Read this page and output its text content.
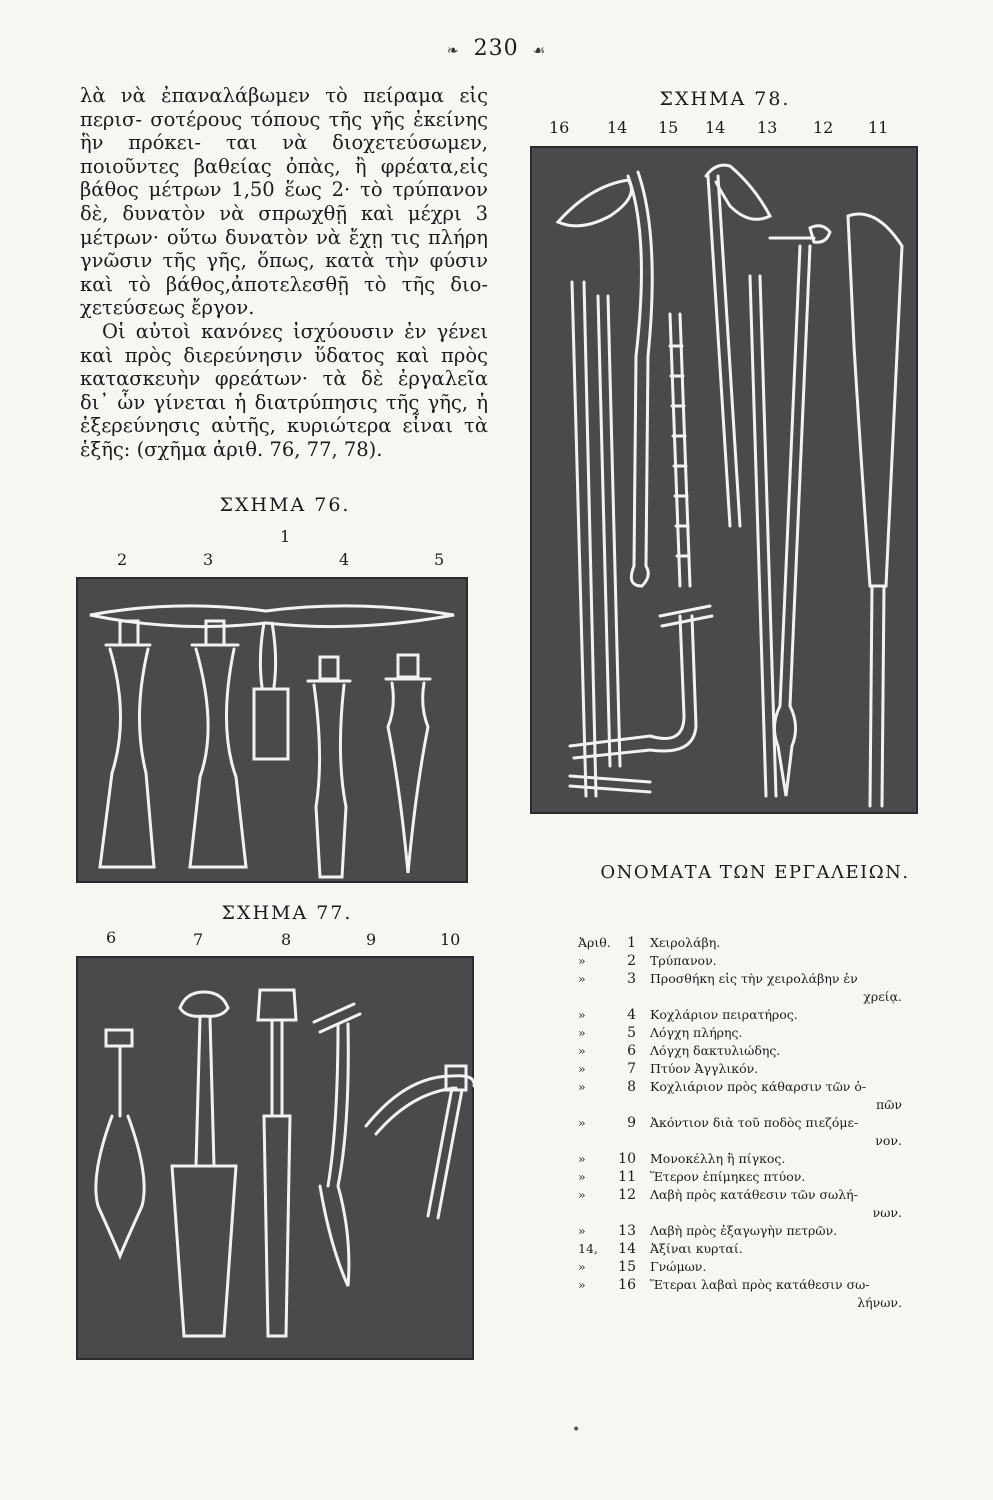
❧ 230 ☙

λὰ νὰ ἐπαναλάβωμεν τὸ πείραμα εἰς περισ- σοτέρους τόπους τῆς γῆς ἐκείνης ἣν πρόκει- ται νὰ διοχετεύσωμεν, ποιοῦντες βαθείας ὀπὰς, ἢ φρέατα,εἰς βάθος μέτρων 1,50 ἕως 2· τὸ τρύπανον δὲ, δυνατὸν νὰ σπρωχθῇ καὶ μέχρι 3 μέτρων· οὕτω δυνατὸν νὰ ἔχῃ τις πλήρη γνῶσιν τῆς γῆς, ὅπως, κατὰ τὴν φύσιν καὶ τὸ βάθος,ἀποτελεσθῇ τὸ τῆς διο- χετεύσεως ἔργον.

Οἱ αὐτοὶ κανόνες ἰσχύουσιν ἐν γένει καὶ πρὸς διερεύνησιν ὕδατος καὶ πρὸς κατασκευὴν φρεάτων· τὰ δὲ ἐργαλεῖα δι᾽ ὧν γίνεται ἡ διατρύπησις τῆς γῆς, ἡ ἐξερεύνησις αὐτῆς, κυριώτερα εἶναι τὰ ἑξῆς: (σχῆμα ἀριθ. 76, 77, 78).

ΣΧΗΜΑ 76.
1
2	3	4	5
ΣΧΗΜΑ 77.
6	7	8	9	10
ΣΧΗΜΑ 78.
16 14 15 14 13 12 11
ΟΝΟΜΑΤΑ ΤΩΝ ΕΡΓΑΛΕΙΩΝ.
Ἀριθ.	1 Χειρολάβη.
»	2 Τρύπανον.
»	3 Προσθήκη εἰς τὴν χειρολάβην ἐν
χρείᾳ.
»	4 Κοχλάριον πειρατήρος.
»	5 Λόγχη πλήρης.
»	6 Λόγχη δακτυλιώδης.
»	7 Πτύον Ἀγγλικόν.
»	8 Κοχλιάριον πρὸς κάθαρσιν τῶν ὀ-
πῶν
»	9 Ἀκόντιον διὰ τοῦ ποδὸς πιεζόμε-
νον.
»	10 Μονοκέλλη ἢ πίγκος.
»	11 Ἕτερον ἐπίμηκες πτύον.
»	12 Λαβὴ πρὸς κατάθεσιν τῶν σωλή-
νων.
»	13 Λαβὴ πρὸς ἐξαγωγὴν πετρῶν.
14,	14 Ἀξίναι κυρταί.
»	15 Γνώμων.
»	16 Ἕτεραι λαβαὶ πρὸς κατάθεσιν σω-
λήνων.
•
